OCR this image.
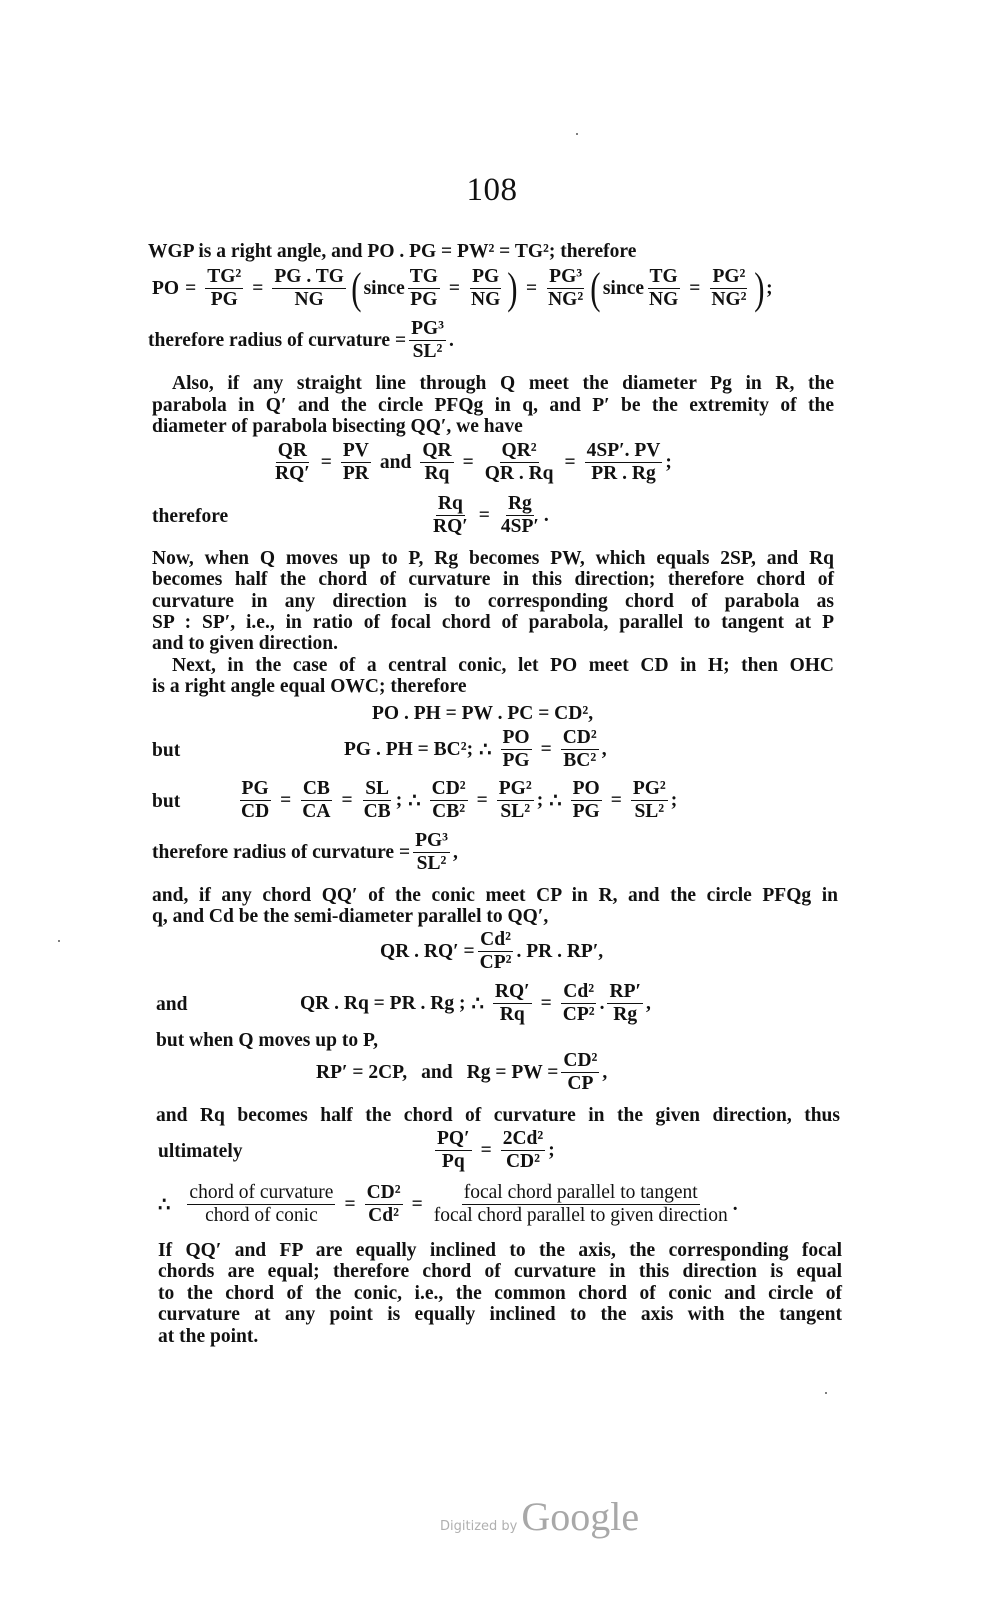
108
WGP is a right angle, and PO . PG = PW² = TG²; therefore
PO = $\frac{\text{TG²}}{PG} = \frac{PG . TG}{NG}$ ( since $\frac{TG}{PG} = \frac{PG}{NG}$ ) = $\frac{\text{PG³}}{\text{NG²}}$ ( since $\frac{TG}{NG} = \frac{\text{PG²}}{\text{NG²}}$ ) ;
therefore radius of curvature = $\frac{\text{PG³}}{\text{SL²}}$ .
Also, if any straight line through Q meet the diameter Pg in R, the
parabola in Q′ and the circle PFQg in q, and P′ be the extremity of the
diameter of parabola bisecting QQ′, we have
$\frac{QR}{RQ'} = \frac{PV}{PR}$ and $\frac{QR}{Rq} = \frac{\text{QR²}}{QR . Rq} = \frac{4SP'. PV}{PR . Rg}$ ;
therefore	$\frac{Rq}{RQ'} = \frac{Rg}{4SP'}$ .
Now, when Q moves up to P, Rg becomes PW, which equals 2SP, and Rq
becomes half the chord of curvature in this direction; therefore chord of
curvature in any direction is to corresponding chord of parabola as
SP : SP′, i.e., in ratio of focal chord of parabola, parallel to tangent at P
and to given direction.
Next, in the case of a central conic, let PO meet CD in H; then OHC
is a right angle equal OWC; therefore
PO . PH = PW . PC = CD²,
but	PG . PH = BC²; ∴ $\frac{PO}{PG} = \frac{\text{CD²}}{\text{BC²}}$ ,
but	$\frac{PG}{CD} = \frac{CB}{CA} = \frac{SL}{CB}$ ; ∴ $\frac{\text{CD²}}{\text{CB²}} = \frac{\text{PG²}}{\text{SL²}}$ ; ∴ $\frac{PO}{PG} = \frac{\text{PG²}}{\text{SL²}}$ ;
therefore radius of curvature = $\frac{\text{PG³}}{\text{SL²}}$ ,
and, if any chord QQ′ of the conic meet CP in R, and the circle PFQg in
q, and Cd be the semi-diameter parallel to QQ′,
QR . $RQ' = \frac{\text{Cd²}}{\text{CP²}}$ . PR . RP′,
and	QR . Rq = PR . Rg ; ∴ $\frac{RQ'}{Rq} = \frac{\text{Cd²}}{\text{CP²}}$ . $\frac{RP'}{Rg}$ ,
but when Q moves up to P,
RP′ = 2CP, and Rg = PW = $\frac{\text{CD²}}{CP}$ ,
and Rq becomes half the chord of curvature in the given direction, thus
ultimately	$\frac{PQ'}{Pq} = \frac{\text{2Cd²}}{\text{CD²}}$ ;
∴ $\frac{\text{chord of curvature}}{\text{chord of conic}} = \frac{\text{CD²}}{\text{Cd²}} = \frac{\text{focal chord parallel to tangent}}{\text{focal chord parallel to given direction}}$ .
If QQ′ and FP are equally inclined to the axis, the corresponding focal
chords are equal; therefore chord of curvature in this direction is equal
to the chord of the conic, i.e., the common chord of conic and circle of
curvature at any point is equally inclined to the axis with the tangent
at the point.
Digitized by Google
